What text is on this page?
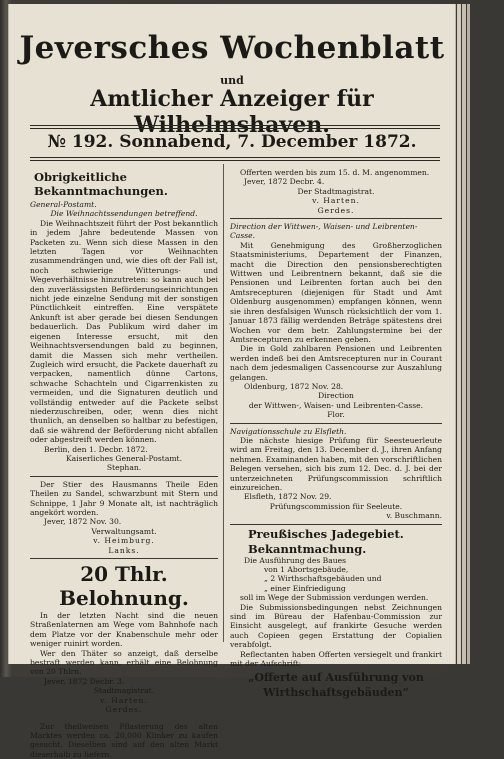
Jeversches Wochenblatt
und
Amtlicher Anzeiger für
№ 192. Sonnabend, 7. December 1872.
Obrigkeitliche Bekanntmachungen.
General-Postamt.
Die Weihnachtssendungen betreffend.

Die Weihnachtszeit führt der Post bekanntlich in jedem Jahre bedeutende Massen von Packeten zu. Wenn sich diese Massen in den letzten Tagen vor Weihnachten zusammendrängen und, wie dies oft der Fall ist, noch schwierige Witterungs- und Wegeverhältnisse hinzutreten: so kann auch bei den zuverlässigsten Beförderungseinrichtungen nicht jede einzelne Sendung mit der sonstigen Pünctlichkeit eintreffen. Eine verspätete Ankunft ist aber gerade bei diesen Sendungen bedauerlich. Das Publikum wird daher im eigenen Interesse ersucht, mit den Weihnachtsversendungen bald zu beginnen, damit die Massen sich mehr vertheilen. Zugleich wird ersucht, die Packete dauerhaft zu verpacken, namentlich dünne Cartons, schwache Schachteln und Cigarrenkisten zu vermeiden, und die Signaturen deutlich und vollständig entweder auf die Packete selbst niederzuschreiben, oder, wenn dies nicht thunlich, an denselben so haltbar zu befestigen, daß sie während der Beförderung nicht abfallen oder abgestreift werden können.

Berlin, den 1. Decbr. 1872.
Kaiserliches General-Postamt.
Stephan.

Der Stier des Hausmanns Theile Eden Theilen zu Sandel, schwarzbunt mit Stern und Schnippe, 1 Jahr 9 Monate alt, ist nachträglich angekört worden.

Jever, 1872 Nov. 30.
Verwaltungsamt.
v. Heimburg.
Lanks.
20 Thlr. Belohnung.

In der letzten Nacht sind die neuen Straßenlaternen am Wege vom Bahnhofe nach dem Platze vor der Knabenschule mehr oder weniger ruinirt worden.

Wer den Thäter so anzeigt, daß derselbe bestraft werden kann, erhält eine Belohnung von 20 Thlrn.

Jever, 1872 Decbr. 3.
Stadtmagistrat.
v. Harten.
Gerdes.

Zur theilweisen Pflasterung des alten Marktes werden ca. 20,000 Klinker zu kaufen gesucht. Dieselben sind auf den alten Markt dieserhalb zu liefern.

Offerten werden bis zum 15. d. M. angenommen.

Jever, 1872 Decbr. 4.
Der Stadtmagistrat.
v. Harten.
Gerdes.
Direction der Wittwen-, Waisen- und Leibrenten-Casse.

Mit Genehmigung des Großherzoglichen Staatsministeriums, Departement der Finanzen, macht die Direction den pensionsberechtigten Wittwen und Leibrentnern bekannt, daß sie die Pensionen und Leibrenten fortan auch bei den Amtsrecepturen (diejenigen für Stadt und Amt Oldenburg ausgenommen) empfangen können, wenn sie ihren desfalsigen Wunsch rücksichtlich der vom 1. Januar 1873 fällig werdenden Beträge spätestens drei Wochen vor dem betr. Zahlungstermine bei der Amtsrecepturen zu erkennen geben.

Die in Gold zahlbaren Pensionen und Leibrenten werden indeß bei den Amtsrecepturen nur in Courant nach dem jedesmaligen Cassencourse zur Auszahlung gelangen.

Oldenburg, 1872 Nov. 28.
Direction
der Wittwen-, Waisen- und Leibrenten-Casse.
Flor.
Navigationsschule zu Elsfleth.

Die nächste hiesige Prüfung für Seesteuerleute wird am Freitag, den 13. December d. J., ihren Anfang nehmen. Examinanden haben, mit den vorschriftlichen Belegen versehen, sich bis zum 12. Dec. d. J. bei der unterzeichneten Prüfungscommission schriftlich einzureichen.

Elsfleth, 1872 Nov. 29.
Prüfungscommission für Seeleute.
v. Buschmann.
Preußisches Jadegebiet.
Bekanntmachung.
Die Ausführung des Baues
von 1 Abortsgebäude,
„ 2 Wirthschaftsgebäuden und
„ einer Einfriedigung

soll im Wege der Submission verdungen werden.

Die Submissionsbedingungen nebst Zeichnungen sind im Büreau der Hafenbau-Commission zur Einsicht ausgelegt, auf frankirte Gesuche werden auch Copieen gegen Erstattung der Copialien verabfolgt.

Reflectanten haben Offerten versiegelt und frankirt mit der Aufschrift:

„Offerte auf Ausführung von
Wirthschaftsgebäuden“
